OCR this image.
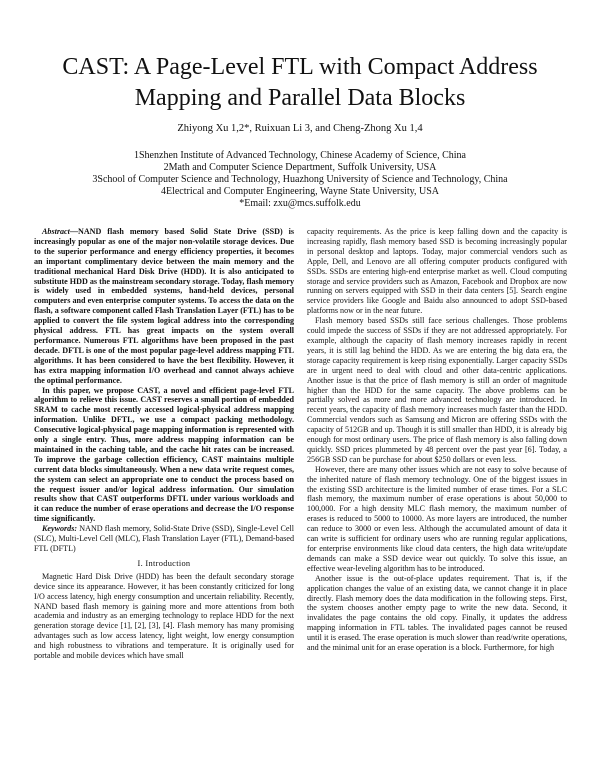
CAST: A Page-Level FTL with Compact Address
Mapping and Parallel Data Blocks
Zhiyong Xu 1,2*, Ruixuan Li 3, and Cheng-Zhong Xu 1,4
1Shenzhen Institute of Advanced Technology, Chinese Academy of Science, China
2Math and Computer Science Department, Suffolk University, USA
3School of Computer Science and Technology, Huazhong University of Science and Technology, China
4Electrical and Computer Engineering, Wayne State University, USA
*Email: zxu@mcs.suffolk.edu

Abstract—NAND flash memory based Solid State Drive (SSD) is increasingly popular as one of the major non-volatile storage devices. Due to the superior performance and energy efficiency properties, it becomes an important complimentary device between the main memory and the traditional mechanical Hard Disk Drive (HDD). It is also anticipated to substitute HDD as the mainstream secondary storage. Today, flash memory is widely used in embedded systems, hand-held devices, personal computers and even enterprise computer systems. To access the data on the flash, a software component called Flash Translation Layer (FTL) has to be applied to convert the file system logical address into the corresponding physical address. FTL has great impacts on the system overall performance. Numerous FTL algorithms have been proposed in the past decade. DFTL is one of the most popular page-level address mapping FTL algorithms. It has been considered to have the best flexibility. However, it has extra mapping information I/O overhead and cannot always achieve the optimal performance.

In this paper, we propose CAST, a novel and efficient page-level FTL algorithm to relieve this issue. CAST reserves a small portion of embedded SRAM to cache most recently accessed logical-physical address mapping information. Unlike DFTL, we use a compact packing methodology. Consecutive logical-physical page mapping information is represented with only a single entry. Thus, more address mapping information can be maintained in the caching table, and the cache hit rates can be increased. To improve the garbage collection efficiency, CAST maintains multiple current data blocks simultaneously. When a new data write request comes, the system can select an appropriate one to conduct the process based on the request issuer and/or logical address information. Our simulation results show that CAST outperforms DFTL under various workloads and it can reduce the number of erase operations and decrease the I/O response time significantly.

Keywords: NAND flash memory, Solid-State Drive (SSD), Single-Level Cell (SLC), Multi-Level Cell (MLC), Flash Translation Layer (FTL), Demand-based FTL (DFTL)

I. Introduction

Magnetic Hard Disk Drive (HDD) has been the default secondary storage device since its appearance. However, it has been constantly criticized for long I/O access latency, high energy consumption and uncertain reliability. Recently, NAND based flash memory is gaining more and more attentions from both academia and industry as an emerging technology to replace HDD for the next generation storage device [1], [2], [3], [4]. Flash memory has many promising advantages such as low access latency, light weight, low energy consumption and high robustness to vibrations and temperature. It is originally used for portable and mobile devices which have small

capacity requirements. As the price is keep falling down and the capacity is increasing rapidly, flash memory based SSD is becoming increasingly popular in personal desktop and laptops. Today, major commercial vendors such as Apple, Dell, and Lenovo are all offering computer products configured with SSDs. SSDs are entering high-end enterprise market as well. Cloud computing storage and service providers such as Amazon, Facebook and Dropbox are now running on servers equipped with SSD in their data centers [5]. Search engine service providers like Google and Baidu also announced to adopt SSD-based platforms now or in the near future.

Flash memory based SSDs still face serious challenges. Those problems could impede the success of SSDs if they are not addressed appropriately. For example, although the capacity of flash memory increases rapidly in recent years, it is still lag behind the HDD. As we are entering the big data era, the storage capacity requirement is keep rising exponentially. Larger capacity SSDs are in urgent need to deal with cloud and other data-centric applications. Another issue is that the price of flash memory is still an order of magnitude higher than the HDD for the same capacity. The above problems can be partially solved as more and more advanced technology are introduced. In recent years, the capacity of flash memory increases much faster than the HDD. Commercial vendors such as Samsung and Micron are offering SSDs with the capacity of 512GB and up. Though it is still smaller than HDD, it is already big enough for most ordinary users. The price of flash memory is also falling down quickly. SSD prices plummeted by 48 percent over the past year [6]. Today, a 256GB SSD can be purchase for about $250 dollars or even less.

However, there are many other issues which are not easy to solve because of the inherited nature of flash memory technology. One of the biggest issues in the existing SSD architecture is the limited number of erase times. For a SLC flash memory, the maximum number of erase operations is about 50,000 to 100,000. For a high density MLC flash memory, the maximum number of erases is reduced to 5000 to 10000. As more layers are introduced, the number can reduce to 3000 or even less. Although the accumulated amount of data it can write is sufficient for ordinary users who are running regular applications, for enterprise environments like cloud data centers, the high data write/update demands can make a SSD device wear out quickly. To solve this issue, an effective wear-leveling algorithm has to be introduced.

Another issue is the out-of-place updates requirement. That is, if the application changes the value of an existing data, we cannot change it in place directly. Flash memory does the data modification in the following steps. First, the system chooses another empty page to write the new data. Second, it invalidates the page contains the old copy. Finally, it updates the address mapping information in FTL tables. The invalidated pages cannot be reused until it is erased. The erase operation is much slower than read/write operations, and the minimal unit for an erase operation is a block. Furthermore, for high
